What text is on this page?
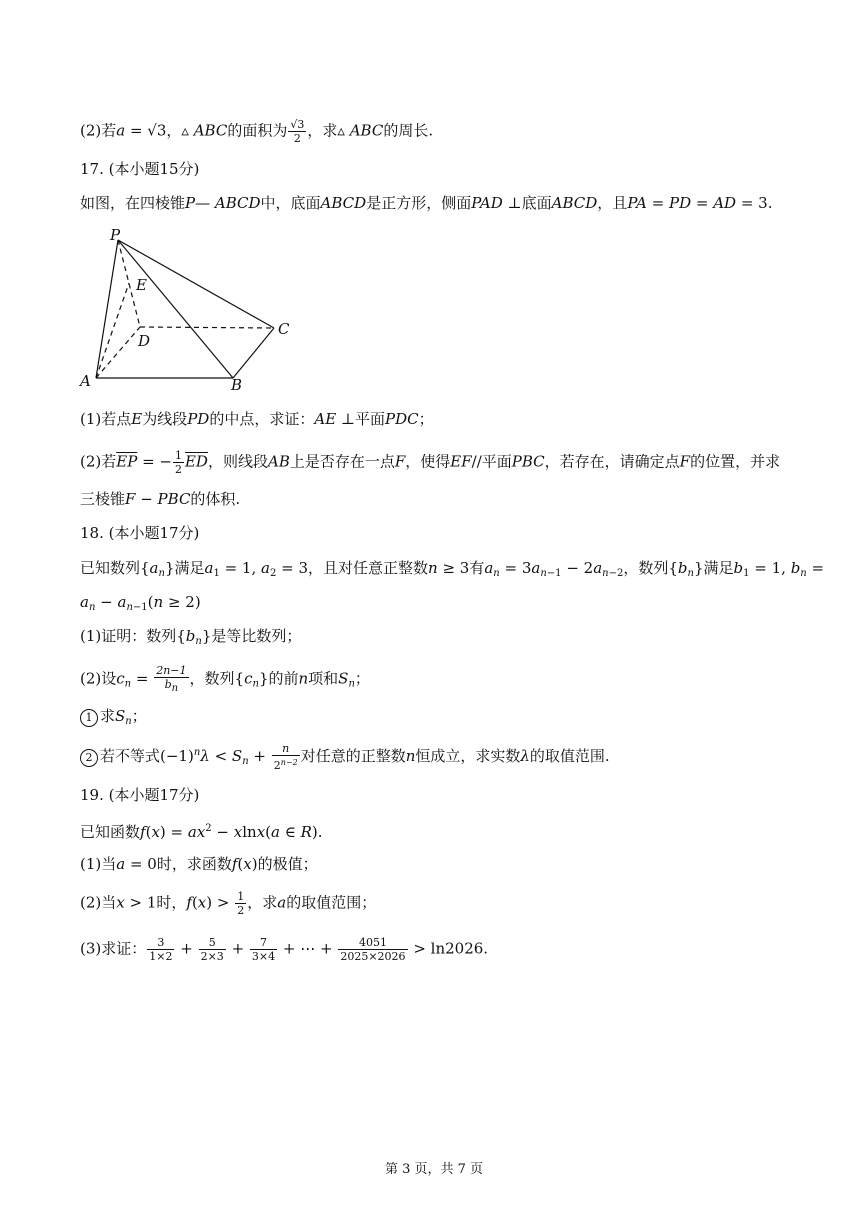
(2)若a = √3，▵ ABC的面积为 $\frac{√3}{2}$ ，求▵ ABC的周长.
17. (本小题15分)
如图，在四棱锥P— ABCD中，底面ABCD是正方形，侧面PAD ⊥底面ABCD，且PA = PD = AD = 3.
P
E
D
C
A	B
(1)若点E为线段PD的中点，求证：AE ⊥平面PDC；
(2)若$\overline{EP}$ = − $\frac{1}{2} \overline{ED}$，则线段AB上是否存在一点F，使得EF//平面PBC，若存在，请确定点F的位置，并求
三棱锥F − PBC的体积.
18. (本小题17分)
已知数列$\{a_n\}$满足$a_1 = 1$, $a_2 = 3$，且对任意正整数n ≥ 3有$a_n = 3a_{n-1} - 2a_{n-2}$，数列$\{b_n\}$满足$b_1 = 1$, $b_n$ =
$a_n - a_{n-1}(n \ge 2)$
(1)证明：数列$\{b_n\}$是等比数列；
(2)设$c_n = \frac{2n-1}{bn}$ ，数列$\{c_n\}$的前n项和$S_n$；
1 求$S_n$；
2 若不等式$(-1)^n\lambda < S_n + \frac{n}{2^{n-2}}$ 对任意的正整数n恒成立，求实数λ的取值范围.
19. (本小题17分)
已知函数$f(x) = ax^2 - xlnx(a$ ∈ R).
(1)当a = 0时，求函数f(x)的极值；
(2)当x > 1时，$f(x) > \frac{1}{2}$ ，求a的取值范围；
(3)求证： $\frac{3}{1\times 2} + \frac{5}{2\times 3} + \frac{7}{3\times 4}$ + ⋯ + $\frac{4051}{2025\times 2026} > \ln 2026$.
第 3 页，共 7 页
